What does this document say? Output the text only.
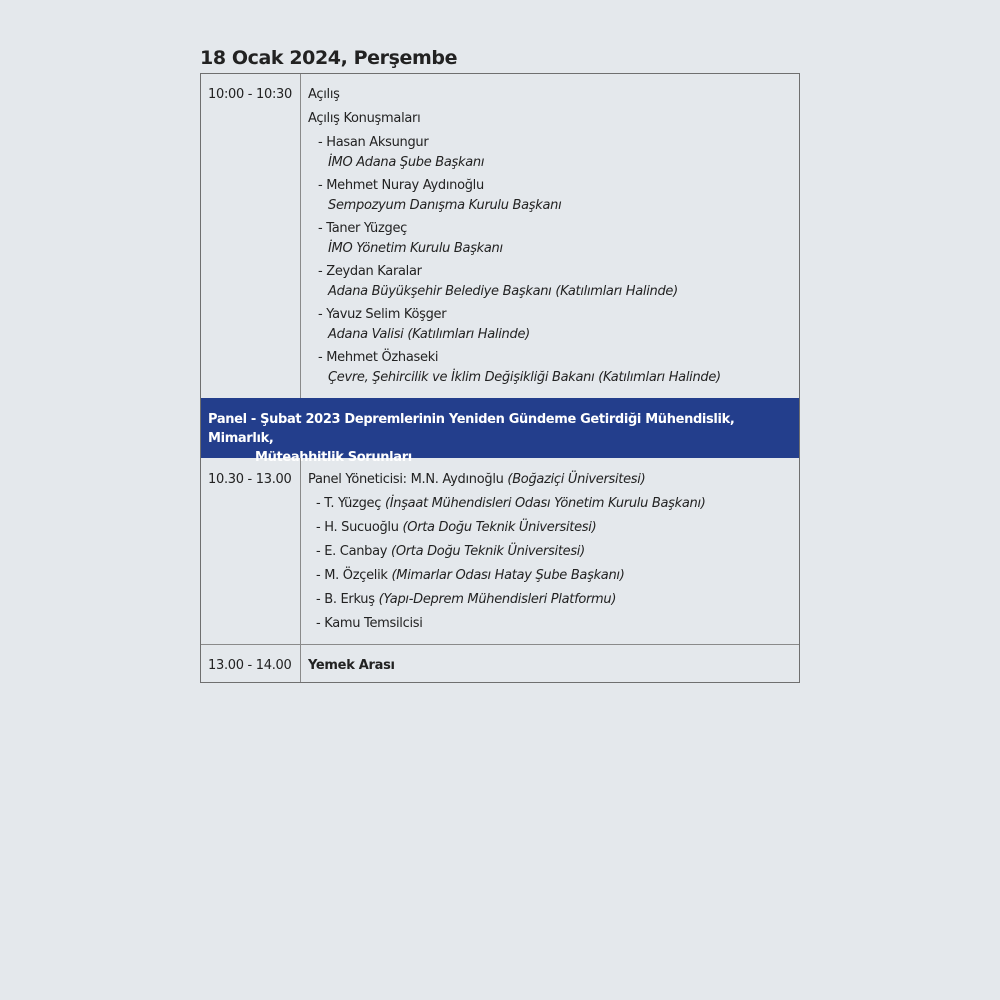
18 Ocak 2024, Perşembe
10:00 - 10:30	Açılış
Açılış Konuşmaları
- Hasan Aksungur
İMO Adana Şube Başkanı
- Mehmet Nuray Aydınoğlu
Sempozyum Danışma Kurulu Başkanı
- Taner Yüzgeç
İMO Yönetim Kurulu Başkanı
- Zeydan Karalar
Adana Büyükşehir Belediye Başkanı (Katılımları Halinde)
- Yavuz Selim Köşger
Adana Valisi (Katılımları Halinde)
- Mehmet Özhaseki
Çevre, Şehircilik ve İklim Değişikliği Bakanı (Katılımları Halinde)
Panel - Şubat 2023 Depremlerinin Yeniden Gündeme Getirdiği Mühendislik, Mimarlık,
Müteahhitlik Sorunları
10.30 - 13.00	Panel Yöneticisi: M.N. Aydınoğlu (Boğaziçi Üniversitesi)
- T. Yüzgeç (İnşaat Mühendisleri Odası Yönetim Kurulu Başkanı)
- H. Sucuoğlu (Orta Doğu Teknik Üniversitesi)
- E. Canbay (Orta Doğu Teknik Üniversitesi)
- M. Özçelik (Mimarlar Odası Hatay Şube Başkanı)
- B. Erkuş (Yapı-Deprem Mühendisleri Platformu)
- Kamu Temsilcisi
13.00 - 14.00	Yemek Arası
